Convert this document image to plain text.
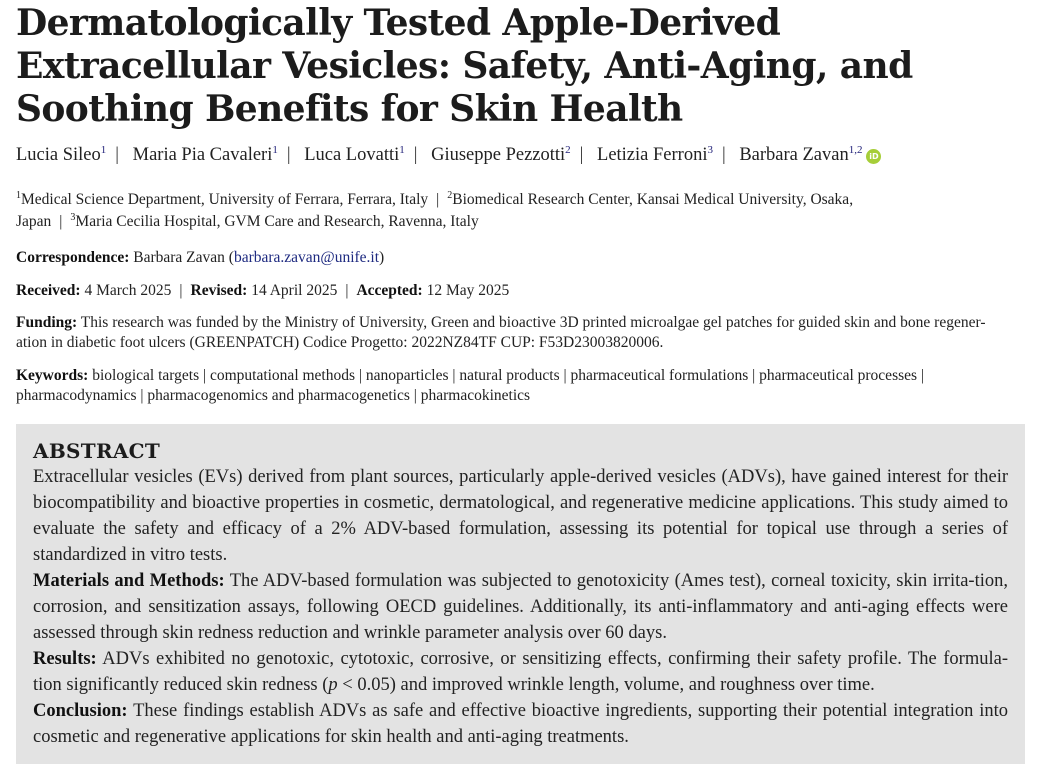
Dermatologically Tested Apple-Derived Extracellular Vesicles: Safety, Anti-Aging, and Soothing Benefits for Skin Health
Lucia Sileo$^1$ | Maria Pia Cavaleri$^1$ | Luca Lovatti$^1$ | Giuseppe Pezzotti$^2$ | Letizia Ferroni$^3$ | Barbara Zavan$^{1,2}$iD
$^1$Medical Science Department, University of Ferrara, Ferrara, Italy | $^2$Biomedical Research Center, Kansai Medical University, Osaka,
Japan | $^3$Maria Cecilia Hospital, GVM Care and Research, Ravenna, Italy
Correspondence: Barbara Zavan (barbara.zavan@unife.it)
Received: 4 March 2025 | Revised: 14 April 2025 | Accepted: 12 May 2025
Funding: This research was funded by the Ministry of University, Green and bioactive 3D printed microalgae gel patches for guided skin and bone regener-
ation in diabetic foot ulcers (GREENPATCH) Codice Progetto: 2022NZ84TF CUP: F53D23003820006.
Keywords: biological targets | computational methods | nanoparticles | natural products | pharmaceutical formulations | pharmaceutical processes |
pharmacodynamics | pharmacogenomics and pharmacogenetics | pharmacokinetics
ABSTRACT

Extracellular vesicles (EVs) derived from plant sources, particularly apple-derived vesicles (ADVs), have gained interest for their biocompatibility and bioactive properties in cosmetic, dermatological, and regenerative medicine applications. This study aimed to evaluate the safety and efficacy of a 2% ADV-based formulation, assessing its potential for topical use through a series of standardized in vitro tests.

Materials and Methods: The ADV-based formulation was subjected to genotoxicity (Ames test), corneal toxicity, skin irrita-tion, corrosion, and sensitization assays, following OECD guidelines. Additionally, its anti-inflammatory and anti-aging effects were assessed through skin redness reduction and wrinkle parameter analysis over 60 days.

Results: ADVs exhibited no genotoxic, cytotoxic, corrosive, or sensitizing effects, confirming their safety profile. The formula-tion significantly reduced skin redness (p < 0.05) and improved wrinkle length, volume, and roughness over time.

Conclusion: These findings establish ADVs as safe and effective bioactive ingredients, supporting their potential integration into cosmetic and regenerative applications for skin health and anti-aging treatments.
